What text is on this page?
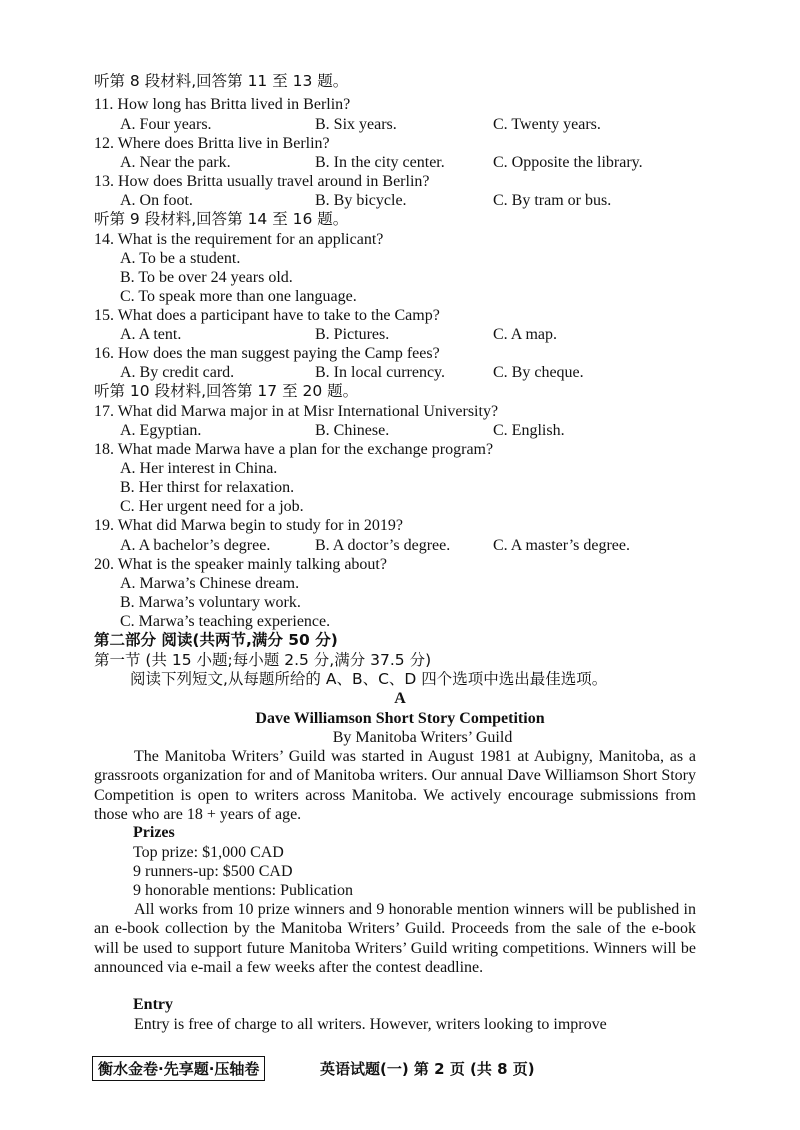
听第 8 段材料,回答第 11 至 13 题。
11. How long has Britta lived in Berlin?
A. Four years.	B. Six years.	C. Twenty years.
12. Where does Britta live in Berlin?
A. Near the park.	B. In the city center.	C. Opposite the library.
13. How does Britta usually travel around in Berlin?
A. On foot.	B. By bicycle.	C. By tram or bus.
听第 9 段材料,回答第 14 至 16 题。
14. What is the requirement for an applicant?
A. To be a student.
B. To be over 24 years old.
C. To speak more than one language.
15. What does a participant have to take to the Camp?
A. A tent.	B. Pictures.	C. A map.
16. How does the man suggest paying the Camp fees?
A. By credit card.	B. In local currency.	C. By cheque.
听第 10 段材料,回答第 17 至 20 题。
17. What did Marwa major in at Misr International University?
A. Egyptian.	B. Chinese.	C. English.
18. What made Marwa have a plan for the exchange program?
A. Her interest in China.
B. Her thirst for relaxation.
C. Her urgent need for a job.
19. What did Marwa begin to study for in 2019?
A. A bachelor’s degree.	B. A doctor’s degree.	C. A master’s degree.
20. What is the speaker mainly talking about?
A. Marwa’s Chinese dream.
B. Marwa’s voluntary work.
C. Marwa’s teaching experience.
第二部分 阅读(共两节,满分 50 分)
第一节 (共 15 小题;每小题 2.5 分,满分 37.5 分)
阅读下列短文,从每题所给的 A、B、C、D 四个选项中选出最佳选项。
A
Dave Williamson Short Story Competition
By Manitoba Writers’ Guild

The Manitoba Writers’ Guild was started in August 1981 at Aubigny, Manitoba, as a grassroots organization for and of Manitoba writers. Our annual Dave Williamson Short Story Competition is open to writers across Manitoba. We actively encourage submissions from those who are 18 + years of age.

Prizes
Top prize: $1,000 CAD
9 runners-up: $500 CAD
9 honorable mentions: Publication

All works from 10 prize winners and 9 honorable mention winners will be published in an e-book collection by the Manitoba Writers’ Guild. Proceeds from the sale of the e-book will be used to support future Manitoba Writers’ Guild writing competitions. Winners will be announced via e-mail a few weeks after the contest deadline.

Entry

Entry is free of charge to all writers. However, writers looking to improve

衡水金卷·先享题·压轴卷	英语试题(一) 第 2 页 (共 8 页)
